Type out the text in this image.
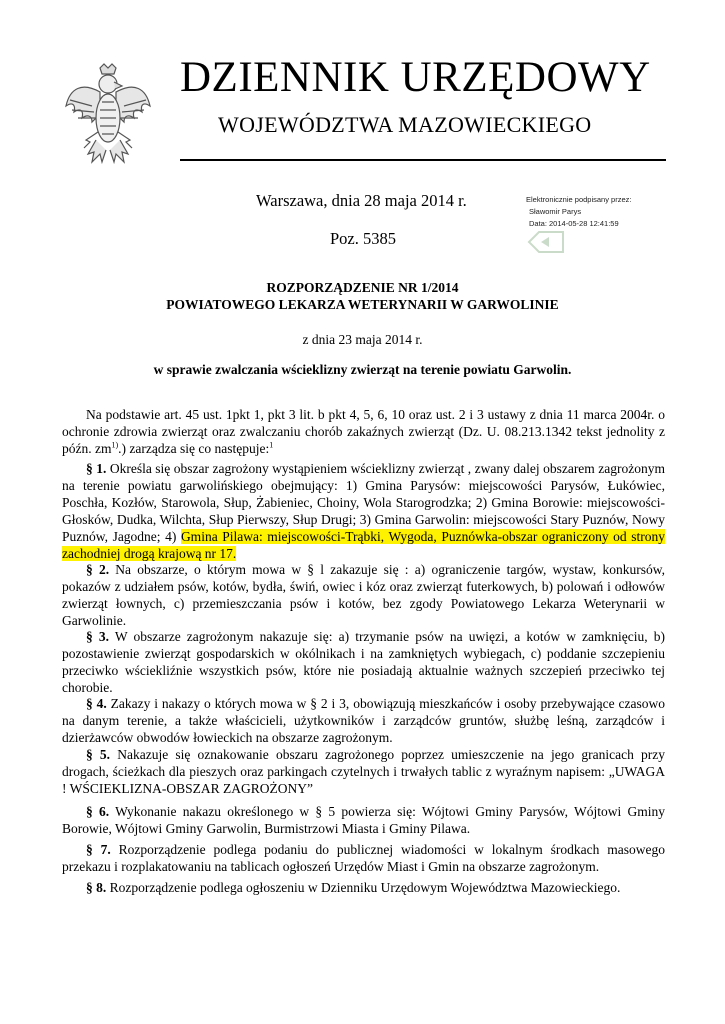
DZIENNIK URZĘDOWY
WOJEWÓDZTWA MAZOWIECKIEGO
Warszawa, dnia 28 maja 2014 r.
Poz. 5385
Elektronicznie podpisany przez:
Sławomir Parys
Data: 2014-05-28 12:41:59
ROZPORZĄDZENIE NR 1/2014
POWIATOWEGO LEKARZA WETERYNARII W GARWOLINIE
z dnia 23 maja 2014 r.
w sprawie zwalczania wścieklizny zwierząt na terenie powiatu Garwolin.

Na podstawie art. 45 ust. 1pkt 1, pkt 3 lit. b pkt 4, 5, 6, 10 oraz ust. 2 i 3 ustawy z dnia 11 marca 2004r. o ochronie zdrowia zwierząt oraz zwalczaniu chorób zakaźnych zwierząt (Dz. U. 08.213.1342 tekst jednolity z późn. $zm^{1)}$.) zarządza się co następuje:$^1$

§ 1. Określa się obszar zagrożony wystąpieniem wścieklizny zwierząt , zwany dalej obszarem zagrożonym na terenie powiatu garwolińskiego obejmujący: 1) Gmina Parysów: miejscowości Parysów, Łukówiec, Poschła, Kozłów, Starowola, Słup, Żabieniec, Choiny, Wola Starogrodzka; 2) Gmina Borowie: miejscowości-Głosków, Dudka, Wilchta, Słup Pierwszy, Słup Drugi; 3) Gmina Garwolin: miejscowości Stary Puznów, Nowy Puznów, Jagodne; 4) Gmina Pilawa: miejscowości-Trąbki, Wygoda, Puznówka-obszar ograniczony od strony zachodniej drogą krajową nr 17.

§ 2. Na obszarze, o którym mowa w § l zakazuje się : a) ograniczenie targów, wystaw, konkursów, pokazów z udziałem psów, kotów, bydła, świń, owiec i kóz oraz zwierząt futerkowych, b) polowań i odłowów zwierząt łownych, c) przemieszczania psów i kotów, bez zgody Powiatowego Lekarza Weterynarii w Garwolinie.

§ 3. W obszarze zagrożonym nakazuje się: a) trzymanie psów na uwięzi, a kotów w zamknięciu, b) pozostawienie zwierząt gospodarskich w okólnikach i na zamkniętych wybiegach, c) poddanie szczepieniu przeciwko wściekliźnie wszystkich psów, które nie posiadają aktualnie ważnych szczepień przeciwko tej chorobie.

§ 4. Zakazy i nakazy o których mowa w § 2 i 3, obowiązują mieszkańców i osoby przebywające czasowo na danym terenie, a także właścicieli, użytkowników i zarządców gruntów, służbę leśną, zarządców i dzierżawców obwodów łowieckich na obszarze zagrożonym.

§ 5. Nakazuje się oznakowanie obszaru zagrożonego poprzez umieszczenie na jego granicach przy drogach, ścieżkach dla pieszych oraz parkingach czytelnych i trwałych tablic z wyraźnym napisem: „UWAGA ! WŚCIEKLIZNA-OBSZAR ZAGROŻONY”

§ 6. Wykonanie nakazu określonego w § 5 powierza się: Wójtowi Gminy Parysów, Wójtowi Gminy Borowie, Wójtowi Gminy Garwolin, Burmistrzowi Miasta i Gminy Pilawa.

§ 7. Rozporządzenie podlega podaniu do publicznej wiadomości w lokalnym środkach masowego przekazu i rozplakatowaniu na tablicach ogłoszeń Urzędów Miast i Gmin na obszarze zagrożonym.

§ 8. Rozporządzenie podlega ogłoszeniu w Dzienniku Urzędowym Województwa Mazowieckiego.
